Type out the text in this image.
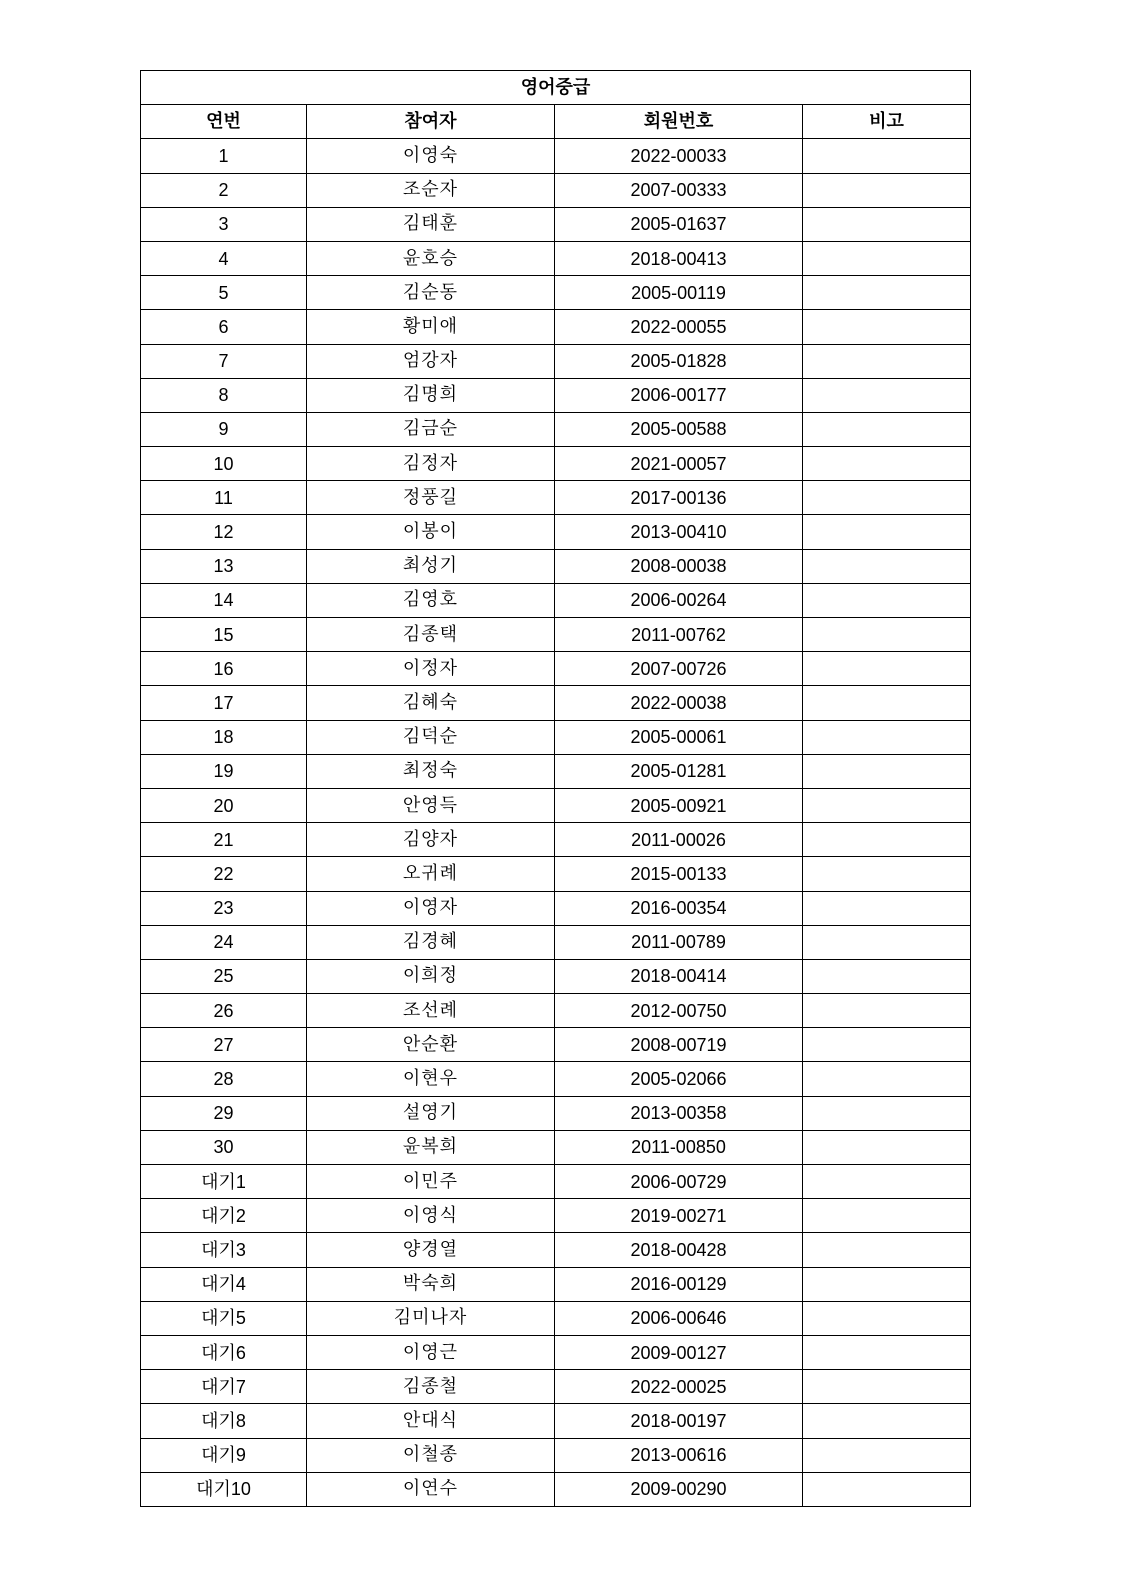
영어중급			
연번	참여자	회원번호	비고
1	이영숙	2022-00033	
2	조순자	2007-00333	
3	김태훈	2005-01637	
4	윤호승	2018-00413	
5	김순동	2005-00119	
6	황미애	2022-00055	
7	엄강자	2005-01828	
8	김명희	2006-00177	
9	김금순	2005-00588	
10	김정자	2021-00057	
11	정풍길	2017-00136	
12	이봉이	2013-00410	
13	최성기	2008-00038	
14	김영호	2006-00264	
15	김종택	2011-00762	
16	이정자	2007-00726	
17	김혜숙	2022-00038	
18	김덕순	2005-00061	
19	최정숙	2005-01281	
20	안영득	2005-00921	
21	김양자	2011-00026	
22	오귀례	2015-00133	
23	이영자	2016-00354	
24	김경혜	2011-00789	
25	이희정	2018-00414	
26	조선례	2012-00750	
27	안순환	2008-00719	
28	이현우	2005-02066	
29	설영기	2013-00358	
30	윤복희	2011-00850	
대기1	이민주	2006-00729	
대기2	이영식	2019-00271	
대기3	양경열	2018-00428	
대기4	박숙희	2016-00129	
대기5	김미나자	2006-00646	
대기6	이영근	2009-00127	
대기7	김종철	2022-00025	
대기8	안대식	2018-00197	
대기9	이철종	2013-00616	
대기10	이연수	2009-00290	
